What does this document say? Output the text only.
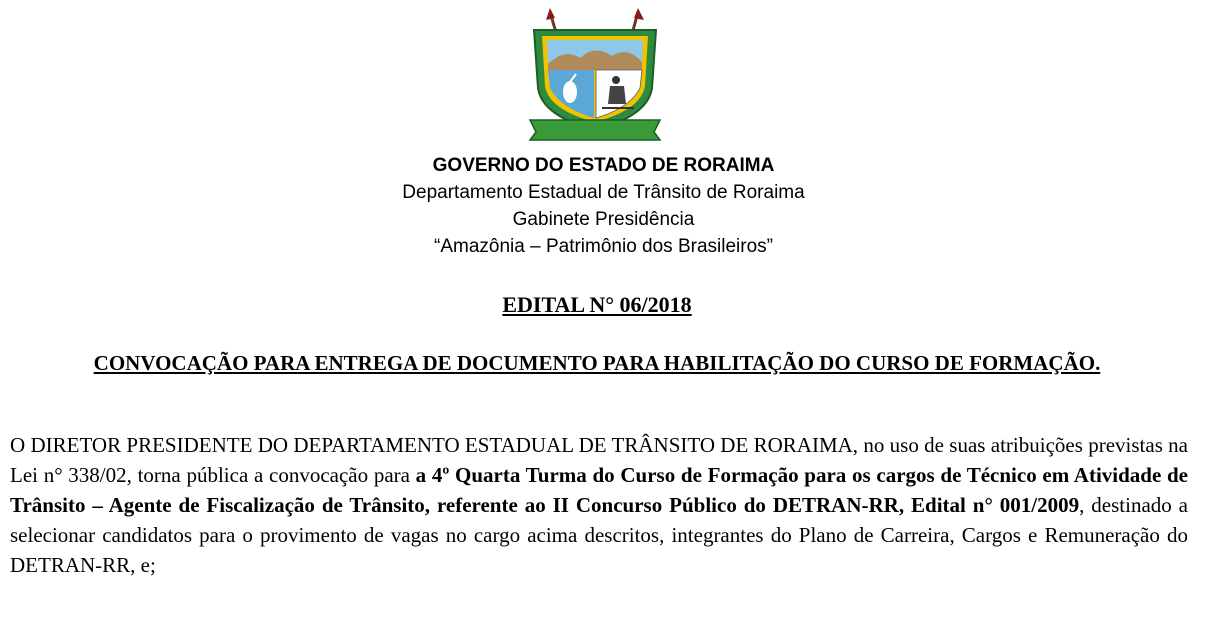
GOVERNO DO ESTADO DE RORAIMA
Departamento Estadual de Trânsito de Roraima
Gabinete Presidência
“Amazônia – Patrimônio dos Brasileiros”
EDITAL N° 06/2018
CONVOCAÇÃO PARA ENTREGA DE DOCUMENTO PARA HABILITAÇÃO DO CURSO DE FORMAÇÃO.

O DIRETOR PRESIDENTE DO DEPARTAMENTO ESTADUAL DE TRÂNSITO DE RORAIMA, no uso de suas atribuições previstas na Lei n° 338/02, torna pública a convocação para a 4º Quarta Turma do Curso de Formação para os cargos de Técnico em Atividade de Trânsito – Agente de Fiscalização de Trânsito, referente ao II Concurso Público do DETRAN-RR, Edital n° 001/2009, destinado a selecionar candidatos para o provimento de vagas no cargo acima descritos, integrantes do Plano de Carreira, Cargos e Remuneração do DETRAN-RR, e;
